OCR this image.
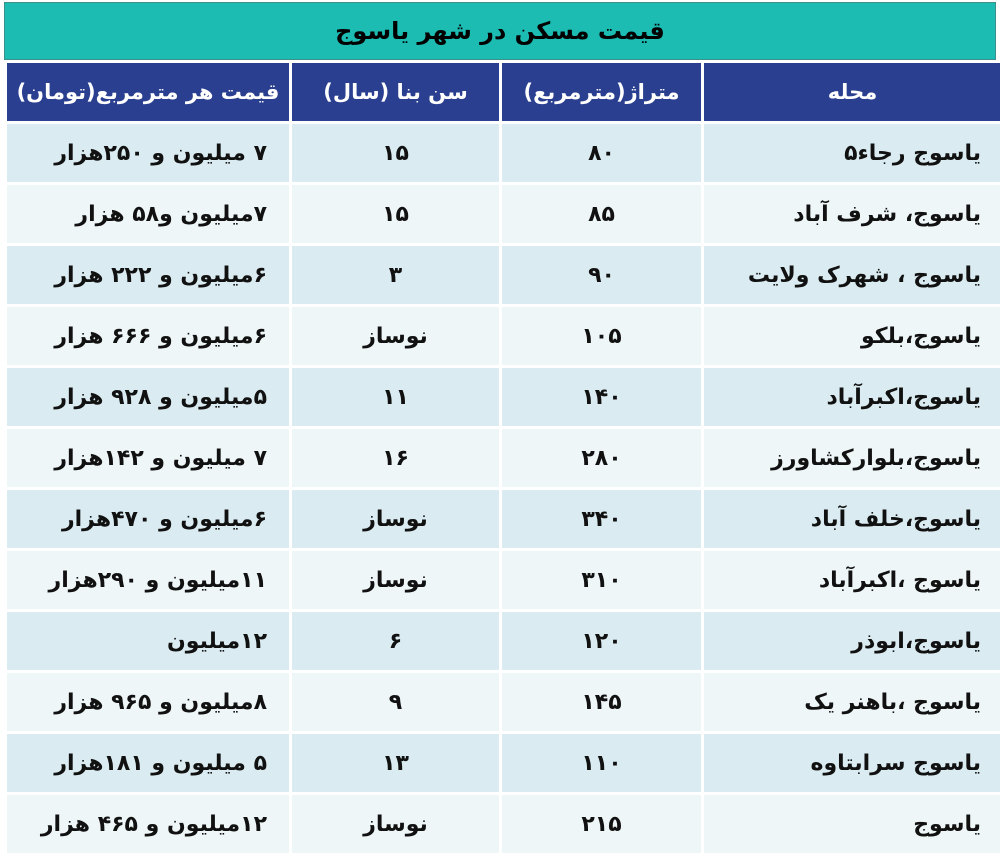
قیمت مسکن در شهر یاسوج
قیمت هر مترمربع(تومان)	سن بنا (سال)	متراژ(مترمربع)	محله
۷ میلیون و ۲۵۰هزار	۱۵	۸۰	یاسوج رجاء۵
۷میلیون و۵۸ هزار	۱۵	۸۵	یاسوج، شرف آباد
۶میلیون و ۲۲۲ هزار	۳	۹۰	یاسوج ، شهرک ولایت
۶میلیون و ۶۶۶ هزار	نوساز	۱۰۵	یاسوج،بلکو
۵میلیون و ۹۲۸ هزار	۱۱	۱۴۰	یاسوج،اکبرآباد
۷ میلیون و ۱۴۲هزار	۱۶	۲۸۰	یاسوج،بلوارکشاورز
۶میلیون و ۴۷۰هزار	نوساز	۳۴۰	یاسوج،خلف آباد
۱۱میلیون و ۲۹۰هزار	نوساز	۳۱۰	یاسوج ،اکبرآباد
۱۲میلیون	۶	۱۲۰	یاسوج،ابوذر
۸میلیون و ۹۶۵ هزار	۹	۱۴۵	یاسوج ،باهنر یک
۵ میلیون و ۱۸۱هزار	۱۳	۱۱۰	یاسوج سرابتاوه
۱۲میلیون و ۴۶۵ هزار	نوساز	۲۱۵	یاسوج
